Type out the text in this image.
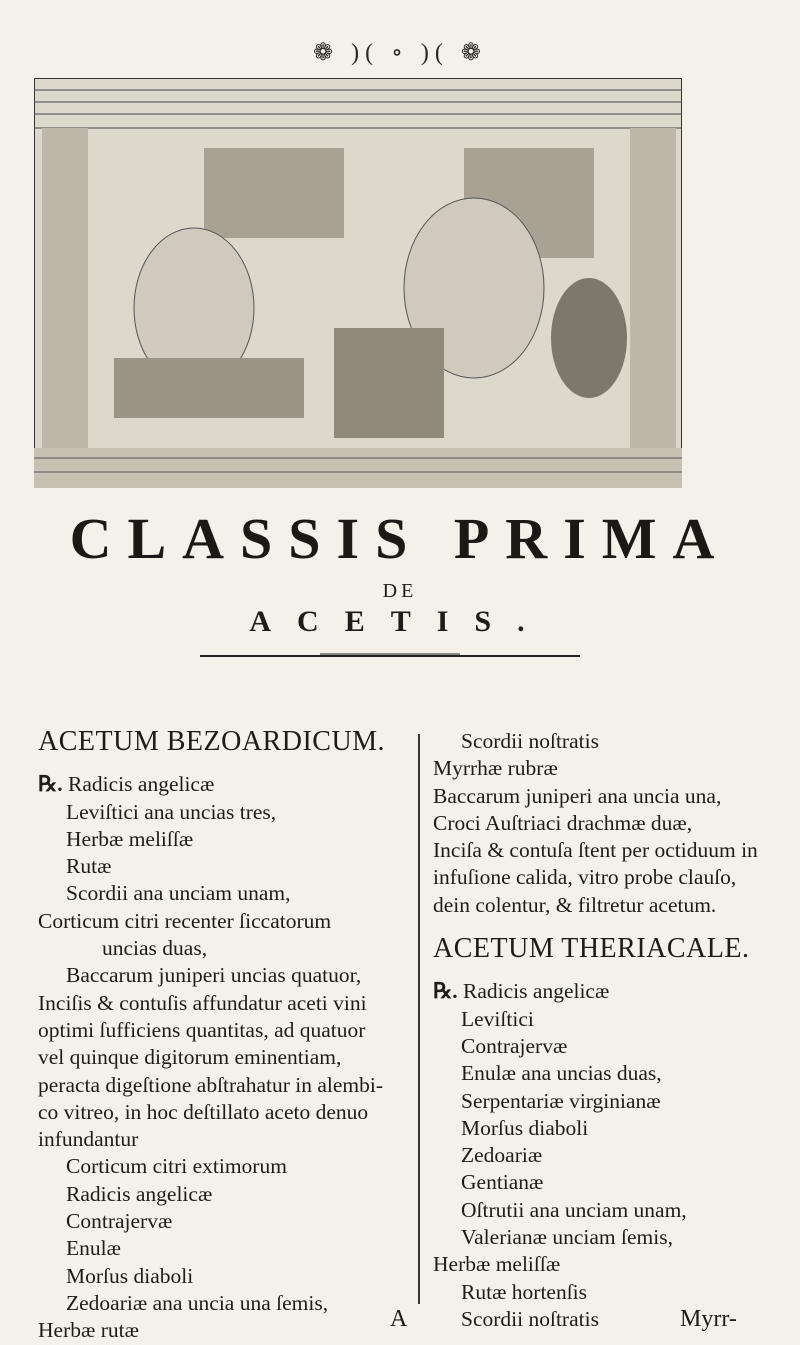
❁ )( ∘ )( ❁
CLASSIS PRIMA
DE
ACETIS.

ACETUM BEZOARDICUM.

℞. Radicis angelicæ

Leviſtici ana uncias tres,

Herbæ meliſſæ

Rutæ

Scordii ana unciam unam,

Corticum citri recenter ſiccatorum

uncias duas,

Baccarum juniperi uncias quatuor,

Inciſis & contuſis affundatur aceti vini

optimi ſufficiens quantitas, ad quatuor

vel quinque digitorum eminentiam,

peracta digeſtione abſtrahatur in alembi-

co vitreo, in hoc deſtillato aceto denuo

infundantur

Corticum citri extimorum

Radicis angelicæ

Contrajervæ

Enulæ

Morſus diaboli

Zedoariæ ana uncia una ſemis,

Herbæ rutæ

Scordii noſtratis

Myrrhæ rubræ

Baccarum juniperi ana uncia una,

Croci Auſtriaci drachmæ duæ,

Inciſa & contuſa ſtent per octiduum in

infuſione calida, vitro probe clauſo,

dein colentur, & filtretur acetum.

ACETUM THERIACALE.

℞. Radicis angelicæ

Leviſtici

Contrajervæ

Enulæ ana uncias duas,

Serpentariæ virginianæ

Morſus diaboli

Zedoariæ

Gentianæ

Oſtrutii ana unciam unam,

Valerianæ unciam ſemis,

Herbæ meliſſæ

Rutæ hortenſis

Scordii noſtratis

A	Myrr-
